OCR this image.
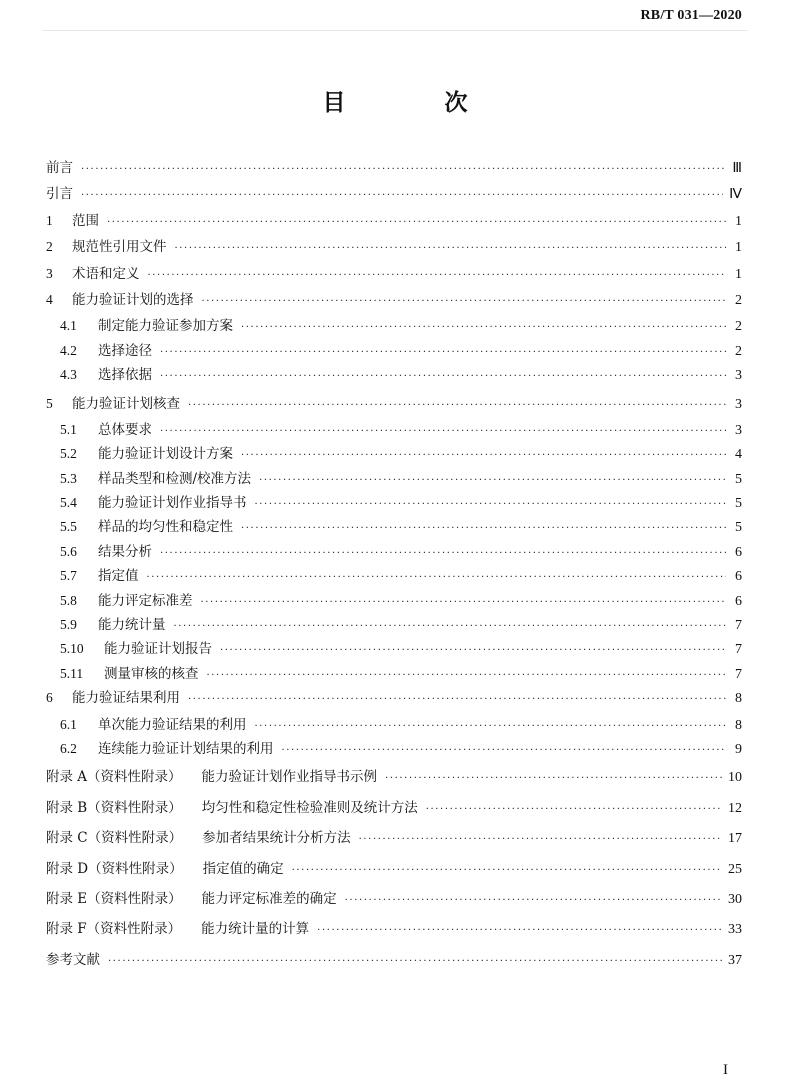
RB/T 031—2020
目　次
前言 ·····	Ⅲ
引言 ·····	Ⅳ
1	范围 ·····	1
2	规范性引用文件 ·····	1
3	术语和定义 ·····	1
4	能力验证计划的选择 ·····	2
4.1	制定能力验证参加方案 ·····	2
4.2	选择途径 ·····	2
4.3	选择依据 ·····	3
5	能力验证计划核查 ·····	3
5.1	总体要求 ·····	3
5.2	能力验证计划设计方案 ·····	4
5.3	样品类型和检测/校准方法 ·····	5
5.4	能力验证计划作业指导书 ·····	5
5.5	样品的均匀性和稳定性 ·····	5
5.6	结果分析 ·····	6
5.7	指定值 ·····	6
5.8	能力评定标准差 ·····	6
5.9	能力统计量 ·····	7
5.10	能力验证计划报告 ·····	7
5.11	测量审核的核查 ·····	7
6	能力验证结果利用 ·····	8
6.1	单次能力验证结果的利用 ·····	8
6.2	连续能力验证计划结果的利用 ·····	9
附录 A（资料性附录） 能力验证计划作业指导书示例 ·····	10
附录 B（资料性附录） 均匀性和稳定性检验准则及统计方法 ·····	12
附录 C（资料性附录） 参加者结果统计分析方法 ·····	17
附录 D（资料性附录） 指定值的确定 ·····	25
附录 E（资料性附录） 能力评定标准差的确定 ·····	30
附录 F（资料性附录） 能力统计量的计算 ·····	33
参考文献 ·····	37
I
